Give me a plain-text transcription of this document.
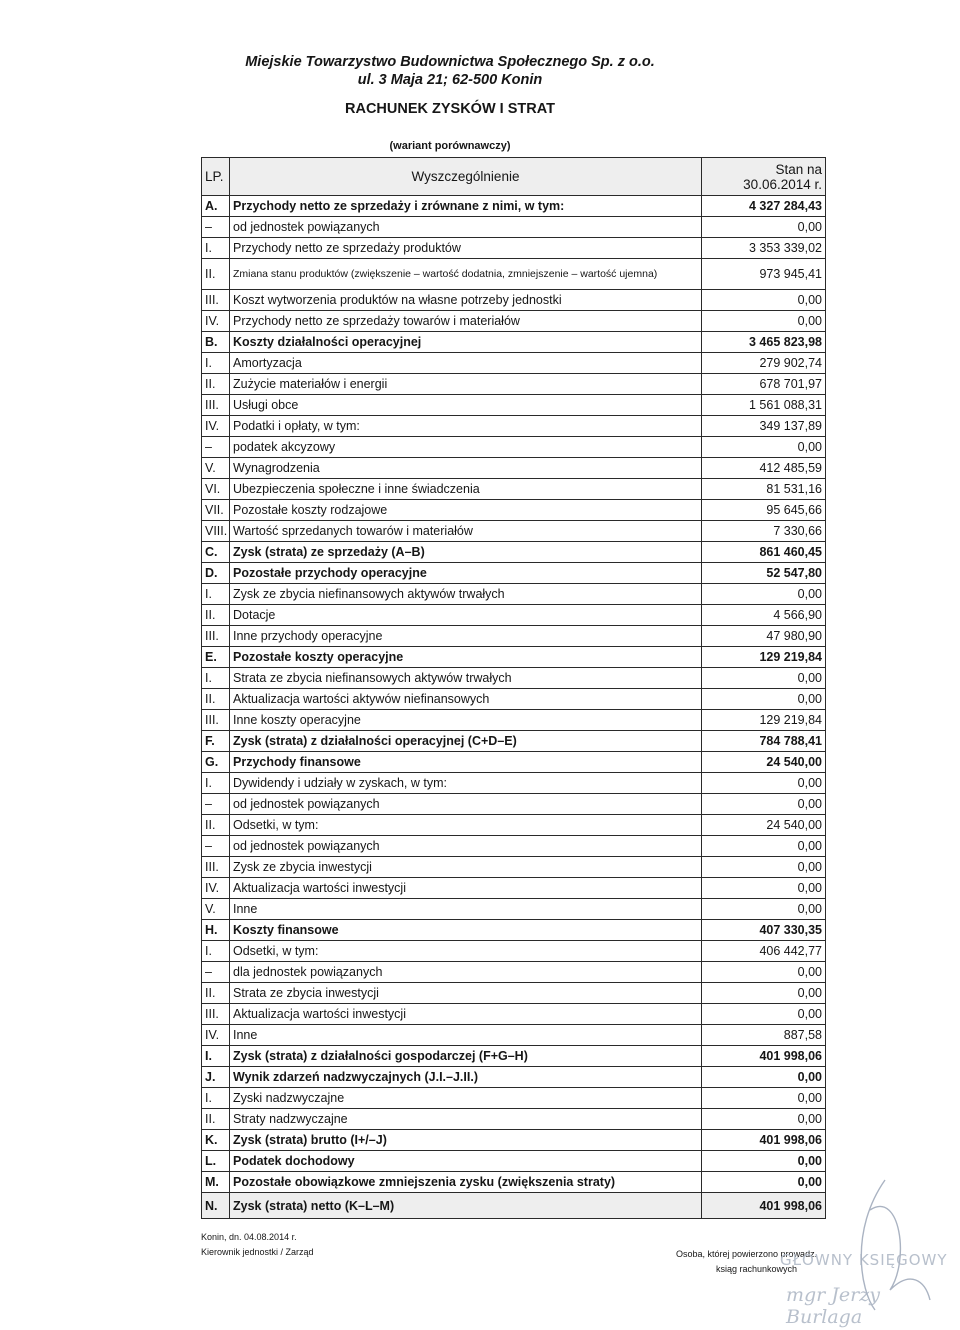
Miejskie Towarzystwo Budownictwa Społecznego Sp. z o.o.
ul. 3 Maja 21; 62-500 Konin
RACHUNEK ZYSKÓW I STRAT
(wariant porównawczy)
LP.	Wyszczególnienie	Stan na
30.06.2014 r.
A.	Przychody netto ze sprzedaży i zrównane z nimi, w tym:	4 327 284,43
–	od jednostek powiązanych	0,00
I.	Przychody netto ze sprzedaży produktów	3 353 339,02
II.	Zmiana stanu produktów (zwiększenie – wartość dodatnia, zmniejszenie – wartość ujemna)	973 945,41
III.	Koszt wytworzenia produktów na własne potrzeby jednostki	0,00
IV.	Przychody netto ze sprzedaży towarów i materiałów	0,00
B.	Koszty działalności operacyjnej	3 465 823,98
I.	Amortyzacja	279 902,74
II.	Zużycie materiałów i energii	678 701,97
III.	Usługi obce	1 561 088,31
IV.	Podatki i opłaty, w tym:	349 137,89
–	podatek akcyzowy	0,00
V.	Wynagrodzenia	412 485,59
VI.	Ubezpieczenia społeczne i inne świadczenia	81 531,16
VII.	Pozostałe koszty rodzajowe	95 645,66
VIII.	Wartość sprzedanych towarów i materiałów	7 330,66
C.	Zysk (strata) ze sprzedaży (A–B)	861 460,45
D.	Pozostałe przychody operacyjne	52 547,80
I.	Zysk ze zbycia niefinansowych aktywów trwałych	0,00
II.	Dotacje	4 566,90
III.	Inne przychody operacyjne	47 980,90
E.	Pozostałe koszty operacyjne	129 219,84
I.	Strata ze zbycia niefinansowych aktywów trwałych	0,00
II.	Aktualizacja wartości aktywów niefinansowych	0,00
III.	Inne koszty operacyjne	129 219,84
F.	Zysk (strata) z działalności operacyjnej (C+D–E)	784 788,41
G.	Przychody finansowe	24 540,00
I.	Dywidendy i udziały w zyskach, w tym:	0,00
–	od jednostek powiązanych	0,00
II.	Odsetki, w tym:	24 540,00
–	od jednostek powiązanych	0,00
III.	Zysk ze zbycia inwestycji	0,00
IV.	Aktualizacja wartości inwestycji	0,00
V.	Inne	0,00
H.	Koszty finansowe	407 330,35
I.	Odsetki, w tym:	406 442,77
–	dla jednostek powiązanych	0,00
II.	Strata ze zbycia inwestycji	0,00
III.	Aktualizacja wartości inwestycji	0,00
IV.	Inne	887,58
I.	Zysk (strata) z działalności gospodarczej (F+G–H)	401 998,06
J.	Wynik zdarzeń nadzwyczajnych (J.I.–J.II.)	0,00
I.	Zyski nadzwyczajne	0,00
II.	Straty nadzwyczajne	0,00
K.	Zysk (strata) brutto (I+/–J)	401 998,06
L.	Podatek dochodowy	0,00
M.	Pozostałe obowiązkowe zmniejszenia zysku (zwiększenia straty)	0,00
N.	Zysk (strata) netto (K–L–M)	401 998,06
Konin, dn. 04.08.2014 r.
Kierownik jednostki / Zarząd	Osoba, której powierzono prowadz.
ksiąg rachunkowych
GŁÓWNY KSIĘGOWY
mgr Jerzy Burlaga
